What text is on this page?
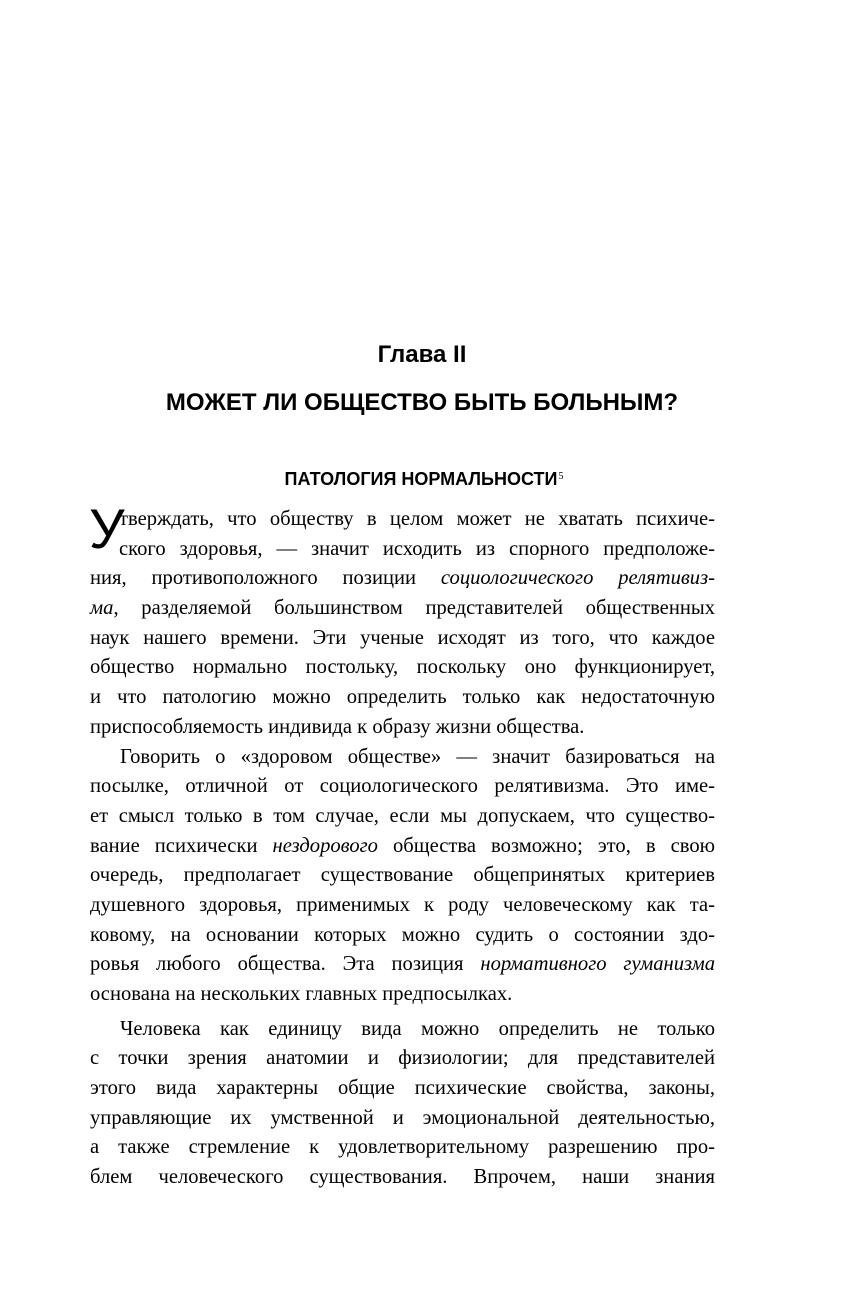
Глава II
МОЖЕТ ЛИ ОБЩЕСТВО БЫТЬ БОЛЬНЫМ?
ПАТОЛОГИЯ НОРМАЛЬНОСТИ$^5$
У
тверждать, что обществу в целом может не хватать психиче-
ского здоровья, — значит исходить из спорного предположе-
ния, противоположного позиции социологического релятивиз-
ма, разделяемой большинством представителей общественных
наук нашего времени. Эти ученые исходят из того, что каждое
общество нормально постольку, поскольку оно функционирует,
и что патологию можно определить только как недостаточную
приспособляемость индивида к образу жизни общества.
Говорить о «здоровом обществе» — значит базироваться на
посылке, отличной от социологического релятивизма. Это име-
ет смысл только в том случае, если мы допускаем, что существо-
вание психически нездорового общества возможно; это, в свою
очередь, предполагает существование общепринятых критериев
душевного здоровья, применимых к роду человеческому как та-
ковому, на основании которых можно судить о состоянии здо-
ровья любого общества. Эта позиция нормативного гуманизма
основана на нескольких главных предпосылках.
Человека как единицу вида можно определить не только
с точки зрения анатомии и физиологии; для представителей
этого вида характерны общие психические свойства, законы,
управляющие их умственной и эмоциональной деятельностью,
а также стремление к удовлетворительному разрешению про-
блем человеческого существования. Впрочем, наши знания
